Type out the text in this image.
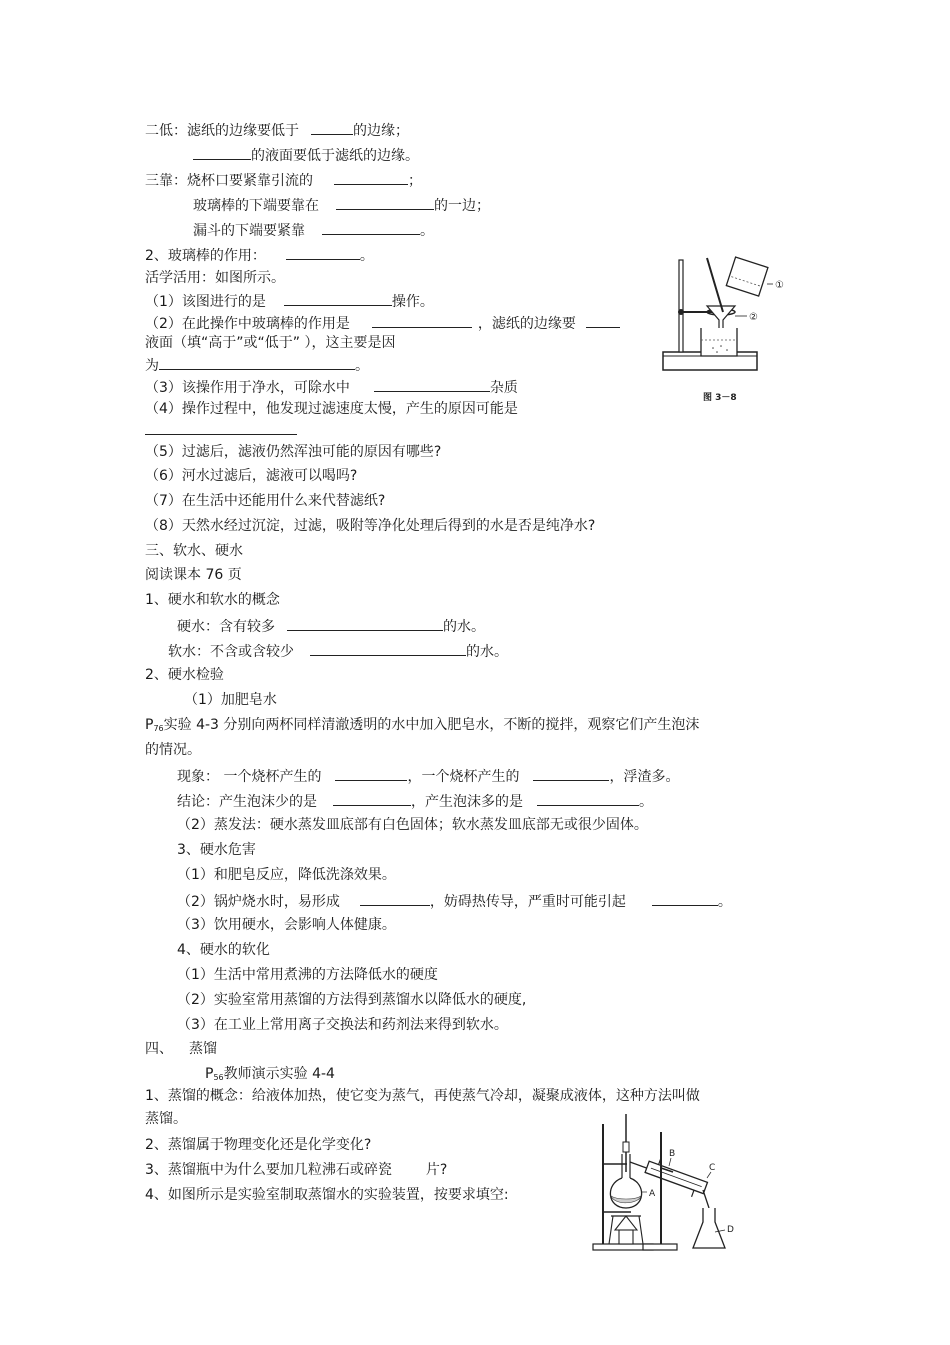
二低：滤纸的边缘要低于	的边缘；
的液面要低于滤纸的边缘。
三靠：烧杯口要紧靠引流的	；
玻璃棒的下端要靠在	的一边；
漏斗的下端要紧靠	。
2、玻璃棒的作用：	。
活学活用：如图所示。
（1）该图进行的是	操作。
（2）在此操作中玻璃棒的作用是	，滤纸的边缘要
液面（填“高于”或“低于” ），这主要是因
为	。
（3）该操作用于净水，可除水中	杂质
（4）操作过程中，他发现过滤速度太慢，产生的原因可能是
（5）过滤后，滤液仍然浑浊可能的原因有哪些?
（6）河水过滤后，滤液可以喝吗?
（7）在生活中还能用什么来代替滤纸?
（8）天然水经过沉淀，过滤，吸附等净化处理后得到的水是否是纯净水?
三、软水、硬水
阅读课本 76 页
1、硬水和软水的概念
硬水：含有较多	的水。
软水：不含或含较少	的水。
2、硬水检验
（1）加肥皂水
P76实验 4-3 分别向两杯同样清澈透明的水中加入肥皂水，不断的搅拌，观察它们产生泡沫
的情况。
现象： 一个烧杯产生的	，一个烧杯产生的	，浮渣多。
结论：产生泡沫少的是	，产生泡沫多的是	。
（2）蒸发法：硬水蒸发皿底部有白色固体；软水蒸发皿底部无或很少固体。
3、硬水危害
（1）和肥皂反应，降低洗涤效果。
（2）锅炉烧水时，易形成	，妨碍热传导，严重时可能引起	。
（3）饮用硬水，会影响人体健康。
4、硬水的软化
（1）生活中常用煮沸的方法降低水的硬度
（2）实验室常用蒸馏的方法得到蒸馏水以降低水的硬度,
（3）在工业上常用离子交换法和药剂法来得到软水。
四、 蒸馏
P56教师演示实验 4-4
1、蒸馏的概念：给液体加热，使它变为蒸气，再使蒸气冷却，凝聚成液体，这种方法叫做
蒸馏。
2、蒸馏属于物理变化还是化学变化?
3、蒸馏瓶中为什么要加几粒沸石或碎瓷 片?
4、如图所示是实验室制取蒸馏水的实验装置，按要求填空:
①
②
图 3－8
A
B
C
D
